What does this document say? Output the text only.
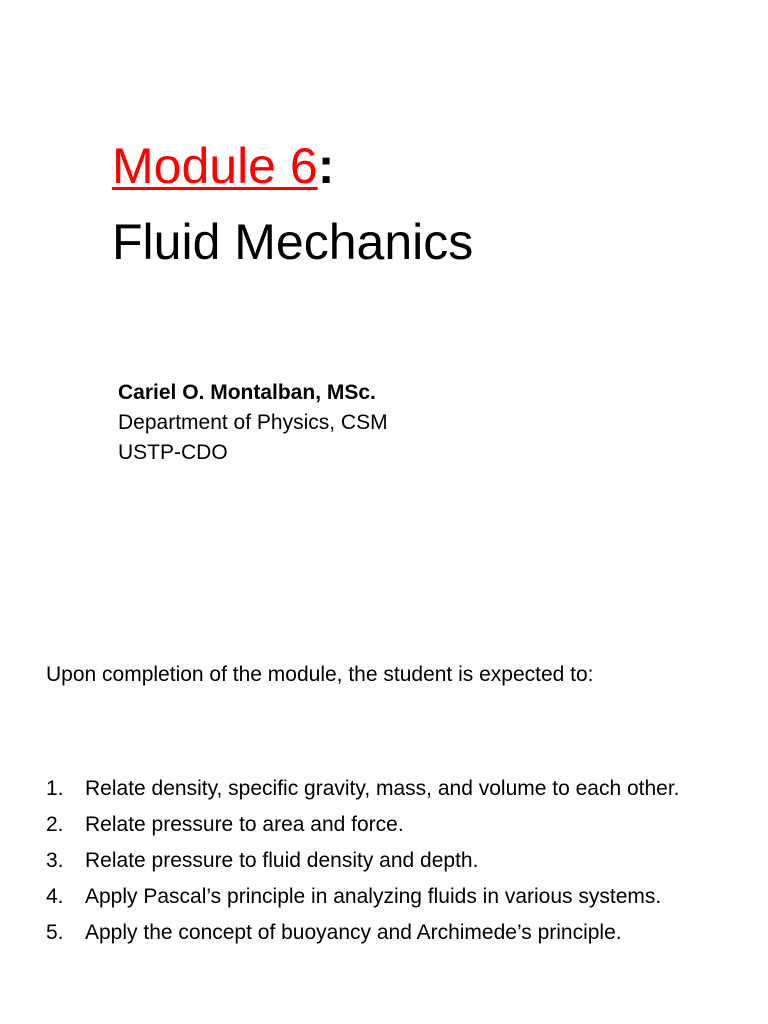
Module 6:
Fluid Mechanics
Cariel O. Montalban, MSc.
Department of Physics, CSM
USTP-CDO
Upon completion of the module, the student is expected to:
1. Relate density, specific gravity, mass, and volume to each other.
2. Relate pressure to area and force.
3. Relate pressure to fluid density and depth.
4. Apply Pascal’s principle in analyzing fluids in various systems.
5. Apply the concept of buoyancy and Archimede’s principle.
